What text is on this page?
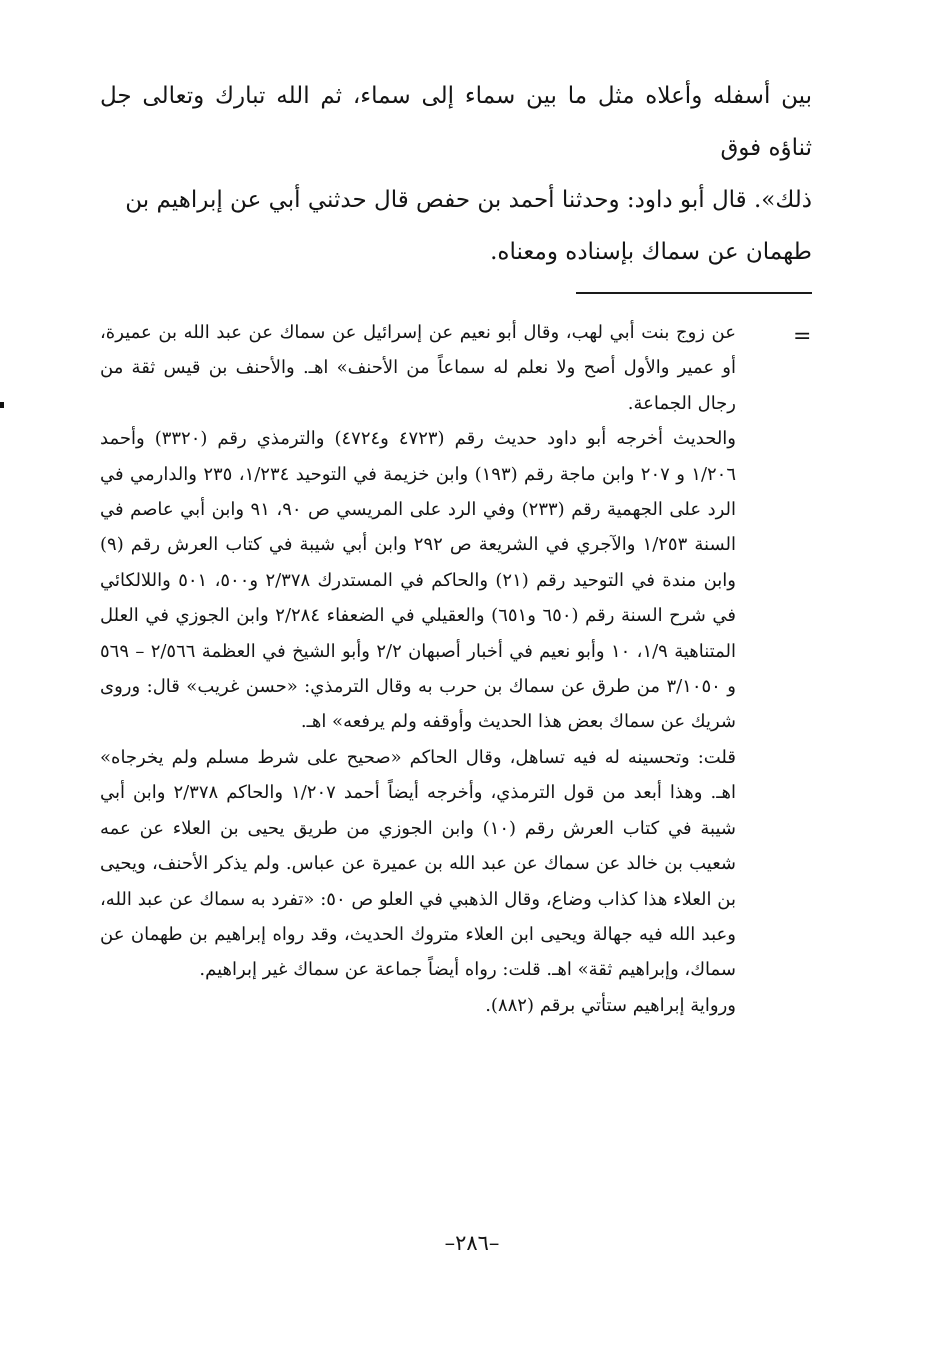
بين أسفله وأعلاه مثل ما بين سماء إلى سماء، ثم الله تبارك وتعالى جل ثناؤه فوق

ذلك». قال أبو داود: وحدثنا أحمد بن حفص قال حدثني أبي عن إبراهيم بن

طهمان عن سماك بإسناده ومعناه.

=

عن زوج بنت أبي لهب، وقال أبو نعيم عن إسرائيل عن سماك عن عبد الله بن عميرة، أو عمير والأول أصح ولا نعلم له سماعاً من الأحنف» اهـ. والأحنف بن قيس ثقة من رجال الجماعة.

والحديث أخرجه أبو داود حديث رقم (٤٧٢٣ و٤٧٢٤) والترمذي رقم (٣٣٢٠) وأحمد ١/٢٠٦ و ٢٠٧ وابن ماجة رقم (١٩٣) وابن خزيمة في التوحيد ١/٢٣٤، ٢٣٥ والدارمي في الرد على الجهمية رقم (٢٣٣) وفي الرد على المريسي ص ٩٠، ٩١ وابن أبي عاصم في السنة ١/٢٥٣ والآجري في الشريعة ص ٢٩٢ وابن أبي شيبة في كتاب العرش رقم (٩) وابن مندة في التوحيد رقم (٢١) والحاكم في المستدرك ٢/٣٧٨ و٥٠٠، ٥٠١ واللالكائي في شرح السنة رقم (٦٥٠ و٦٥١) والعقيلي في الضعفاء ٢/٢٨٤ وابن الجوزي في العلل المتناهية ١/٩، ١٠ وأبو نعيم في أخبار أصبهان ٢/٢ وأبو الشيخ في العظمة ٢/٥٦٦ – ٥٦٩ و ٣/١٠٥٠ من طرق عن سماك بن حرب به وقال الترمذي: «حسن غريب» قال: وروى شريك عن سماك بعض هذا الحديث وأوقفه ولم يرفعه» اهـ.

قلت: وتحسينه له فيه تساهل، وقال الحاكم «صحيح على شرط مسلم ولم يخرجاه» اهـ. وهذا أبعد من قول الترمذي، وأخرجه أيضاً أحمد ١/٢٠٧ والحاكم ٢/٣٧٨ وابن أبي شيبة في كتاب العرش رقم (١٠) وابن الجوزي من طريق يحيى بن العلاء عن عمه شعيب بن خالد عن سماك عن عبد الله بن عميرة عن عباس. ولم يذكر الأحنف، ويحيى بن العلاء هذا كذاب وضاع، وقال الذهبي في العلو ص ٥٠: «تفرد به سماك عن عبد الله، وعبد الله فيه جهالة ويحيى ابن العلاء متروك الحديث، وقد رواه إبراهيم بن طهمان عن سماك، وإبراهيم ثقة» اهـ. قلت: رواه أيضاً جماعة عن سماك غير إبراهيم.

ورواية إبراهيم ستأتي برقم (٨٨٢).

–٢٨٦–
